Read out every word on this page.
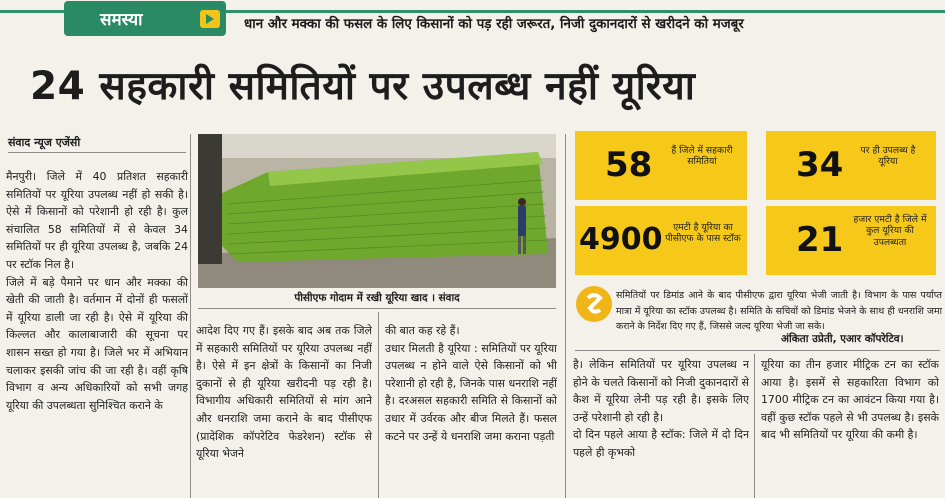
समस्या	धान और मक्का की फसल के लिए किसानों को पड़ रही जरूरत, निजी दुकानदारों से खरीदने को मजबूर
24 सहकारी समितियों पर उपलब्ध नहीं यूरिया
संवाद न्यूज एजेंसी
मैनपुरी। जिले में 40 प्रतिशत सहकारी समितियों पर यूरिया उपलब्ध नहीं हो सकी है। ऐसे में किसानों को परेशानी हो रही है। कुल संचालित 58 समितियों में से केवल 34 समितियों पर ही यूरिया उपलब्ध है, जबकि 24 पर स्टॉक निल है।
जिले में बड़े पैमाने पर धान और मक्का की खेती की जाती है। वर्तमान में दोनों ही फसलों में यूरिया डाली जा रही है। ऐसे में यूरिया की किल्लत और कालाबाजारी की सूचना पर शासन सख्त हो गया है। जिले भर में अभियान चलाकर इसकी जांच की जा रही है। वहीं कृषि विभाग व अन्य अधिकारियों को सभी जगह यूरिया की उपलब्धता सुनिश्चित कराने के
पीसीएफ गोदाम में रखी यूरिया खाद । संवाद
आदेश दिए गए हैं। इसके बाद अब तक जिले में सहकारी समितियों पर यूरिया उपलब्ध नहीं है। ऐसे में इन क्षेत्रों के किसानों का निजी दुकानों से ही यूरिया खरीदनी पड़ रही है। विभागीय अधिकारी समितियों से मांग आने और धनराशि जमा कराने के बाद पीसीएफ (प्रादेशिक कॉपरेटिव फेडरेशन) स्टॉक से यूरिया भेजने
की बात कह रहे हैं।
उधार मिलती है यूरिया : समितियों पर यूरिया उपलब्ध न होने वाले ऐसे किसानों को भी परेशानी हो रही है, जिनके पास धनराशि नहीं है। दरअसल सहकारी समिति से किसानों को उधार में उर्वरक और बीज मिलते हैं। फसल कटने पर उन्हें ये धनराशि जमा कराना पड़ती
58	हैं जिले में सहकारी समितियां	34 पर ही उपलब्ध है यूरिया
4900	एमटी है यूरिया का पीसीएफ के पास स्टॉक 21
हजार एमटी है जिले में कुल यूरिया की उपलब्धता
समितियों पर डिमांड आने के बाद पीसीएफ द्वारा यूरिया भेजी जाती है। विभाग के पास पर्याप्त मात्रा में यूरिया का स्टॉक उपलब्ध है। समिति के सचिवों को डिमांड भेजने के साथ ही धनराशि जमा कराने के निर्देश दिए गए हैं, जिससे जल्द यूरिया भेजी जा सके।
अंकिता उप्रेती, एआर कॉपरेटिव।
है। लेकिन समितियों पर यूरिया उपलब्ध न होने के चलते किसानों को निजी दुकानदारों से कैश में यूरिया लेनी पड़ रही है। इसके लिए उन्हें परेशानी हो रही है।
दो दिन पहले आया है स्टॉक: जिले में दो दिन पहले ही कृभको
यूरिया का तीन हजार मीट्रिक टन का स्टॉक आया है। इसमें से सहकारिता विभाग को 1700 मीट्रिक टन का आवंटन किया गया है। वहीं कुछ स्टॉक पहले से भी उपलब्ध है। इसके बाद भी समितियों पर यूरिया की कमी है।
